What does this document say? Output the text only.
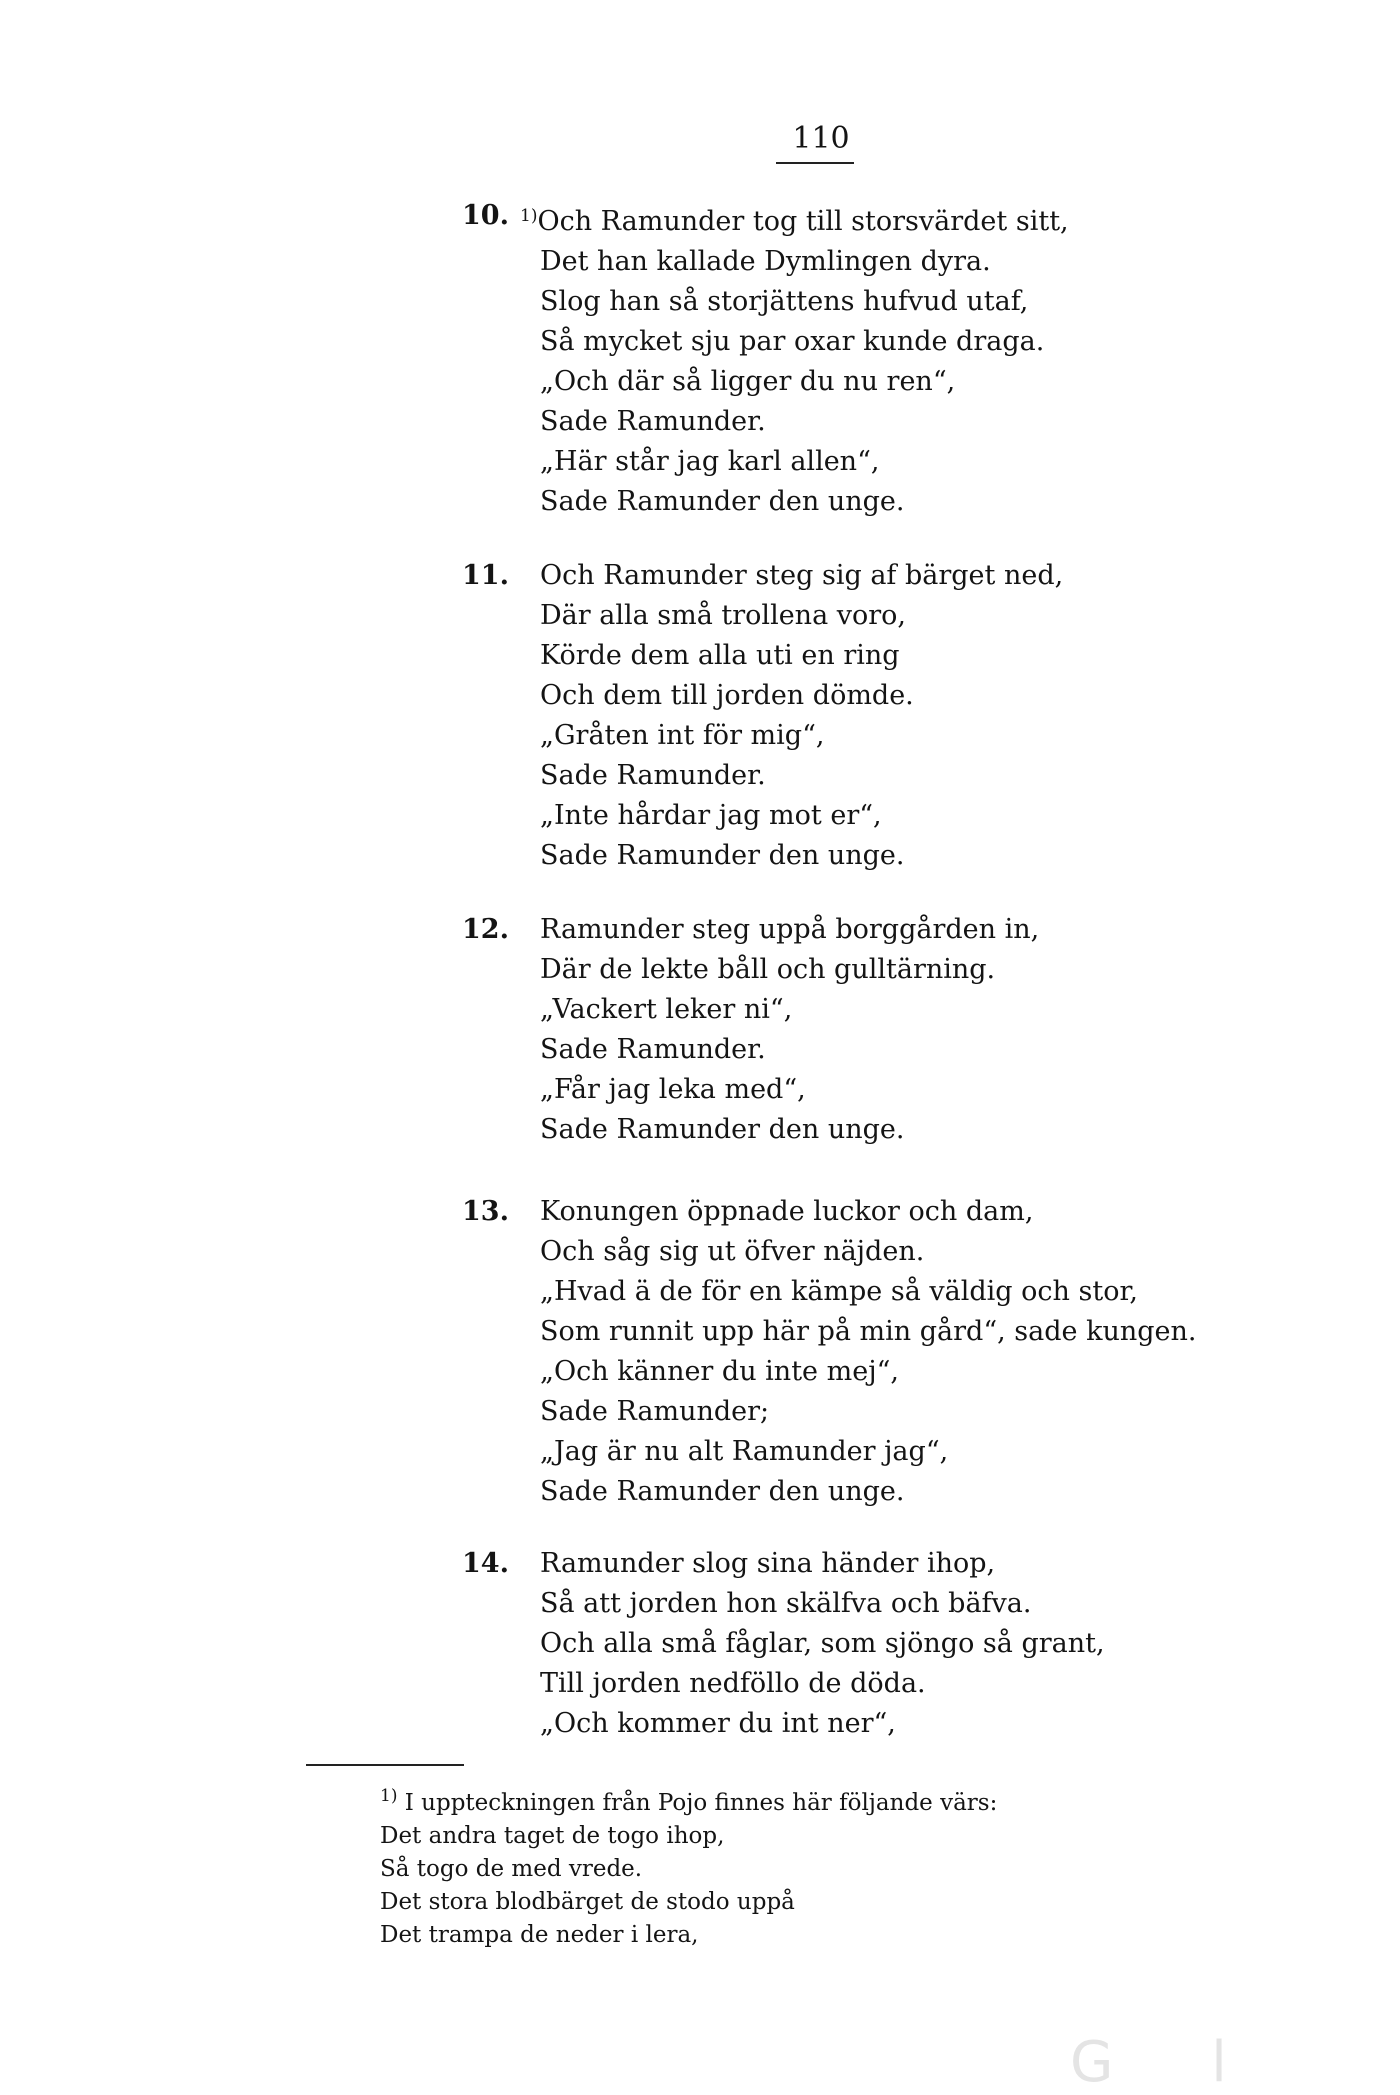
110
10. $^{1)}$Och Ramunder tog till storsvärdet sitt,
Det han kallade Dymlingen dyra.
Slog han så storjättens hufvud utaf,
Så mycket sju par oxar kunde draga.
„Och där så ligger du nu ren“,
Sade Ramunder.
„Här står jag karl allen“,
Sade Ramunder den unge.
11. Och Ramunder steg sig af bärget ned,
Där alla små trollena voro,
Körde dem alla uti en ring
Och dem till jorden dömde.
„Gråten int för mig“,
Sade Ramunder.
„Inte hårdar jag mot er“,
Sade Ramunder den unge.
12. Ramunder steg uppå borggården in,
Där de lekte båll och gulltärning.
„Vackert leker ni“,
Sade Ramunder.
„Får jag leka med“,
Sade Ramunder den unge.
13. Konungen öppnade luckor och dam,
Och såg sig ut öfver näjden.
„Hvad ä de för en kämpe så väldig och stor,
Som runnit upp här på min gård“, sade kungen.
„Och känner du inte mej“,
Sade Ramunder;
„Jag är nu alt Ramunder jag“,
Sade Ramunder den unge.
14. Ramunder slog sina händer ihop,
Så att jorden hon skälfva och bäfva.
Och alla små fåglar, som sjöngo så grant,
Till jorden nedföllo de döda.
„Och kommer du int ner“,
$^{1)}$ I uppteckningen från Pojo finnes här följande värs:
Det andra taget de togo ihop,
Så togo de med vrede.
Det stora blodbärget de stodo uppå
Det trampa de neder i lera,
G l
